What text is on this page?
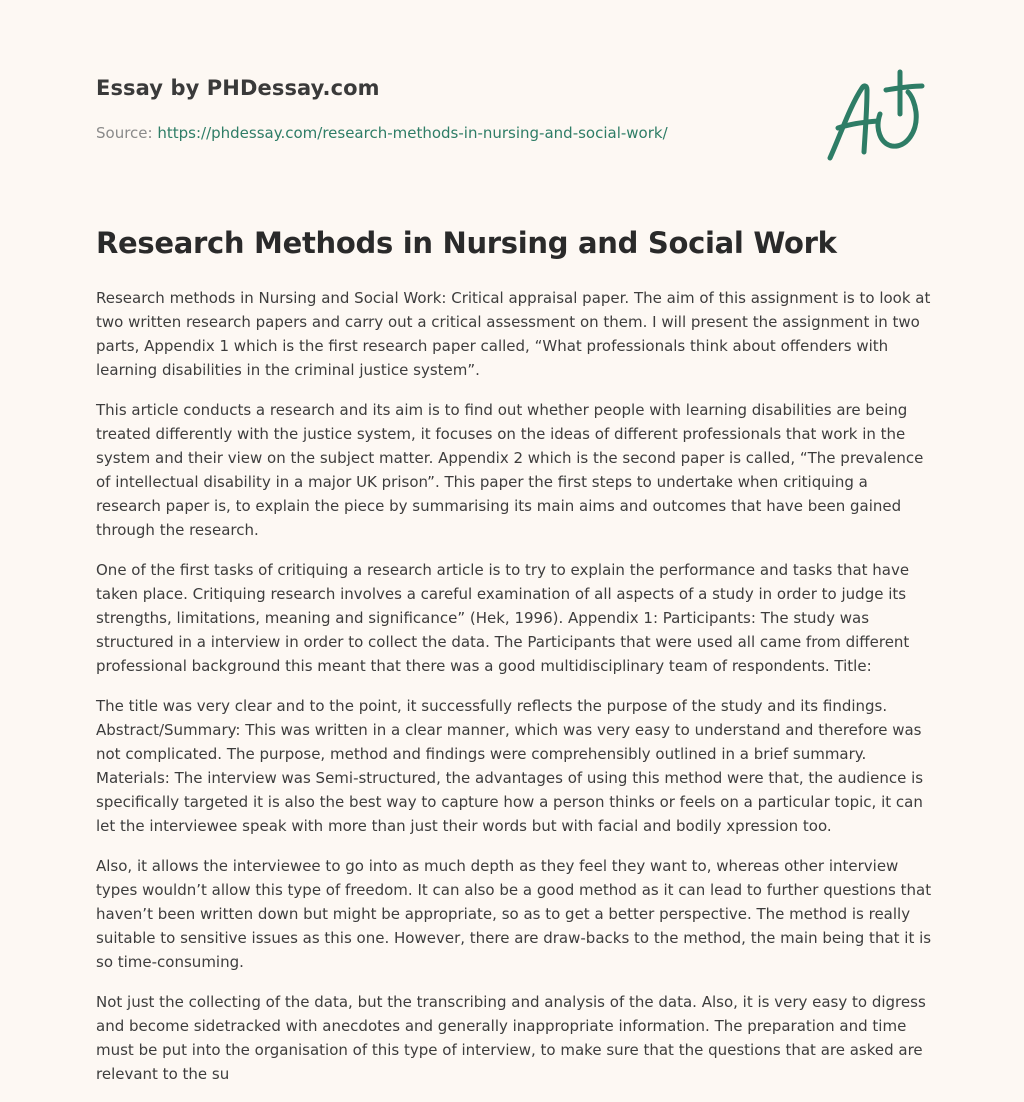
Essay by PHDessay.com
Source: https://phdessay.com/research-methods-in-nursing-and-social-work/
Research Methods in Nursing and Social Work

Research methods in Nursing and Social Work: Critical appraisal paper. The aim of this assignment is to look at two written research papers and carry out a critical assessment on them. I will present the assignment in two parts, Appendix 1 which is the first research paper called, “What professionals think about offenders with learning disabilities in the criminal justice system”.

This article conducts a research and its aim is to find out whether people with learning disabilities are being treated differently with the justice system, it focuses on the ideas of different professionals that work in the system and their view on the subject matter. Appendix 2 which is the second paper is called, “The prevalence of intellectual disability in a major UK prison”. This paper the first steps to undertake when critiquing a research paper is, to explain the piece by summarising its main aims and outcomes that have been gained through the research.

One of the first tasks of critiquing a research article is to try to explain the performance and tasks that have taken place. Critiquing research involves a careful examination of all aspects of a study in order to judge its strengths, limitations, meaning and significance” (Hek, 1996). Appendix 1: Participants: The study was structured in a interview in order to collect the data. The Participants that were used all came from different professional background this meant that there was a good multidisciplinary team of respondents. Title:

The title was very clear and to the point, it successfully reflects the purpose of the study and its findings. Abstract/Summary: This was written in a clear manner, which was very easy to understand and therefore was not complicated. The purpose, method and findings were comprehensibly outlined in a brief summary. Materials: The interview was Semi-structured, the advantages of using this method were that, the audience is specifically targeted it is also the best way to capture how a person thinks or feels on a particular topic, it can let the interviewee speak with more than just their words but with facial and bodily xpression too.

Also, it allows the interviewee to go into as much depth as they feel they want to, whereas other interview types wouldn’t allow this type of freedom. It can also be a good method as it can lead to further questions that haven’t been written down but might be appropriate, so as to get a better perspective. The method is really suitable to sensitive issues as this one. However, there are draw-backs to the method, the main being that it is so time-consuming.

Not just the collecting of the data, but the transcribing and analysis of the data. Also, it is very easy to digress and become sidetracked with anecdotes and generally inappropriate information. The preparation and time must be put into the organisation of this type of interview, to make sure that the questions that are asked are relevant to the su
